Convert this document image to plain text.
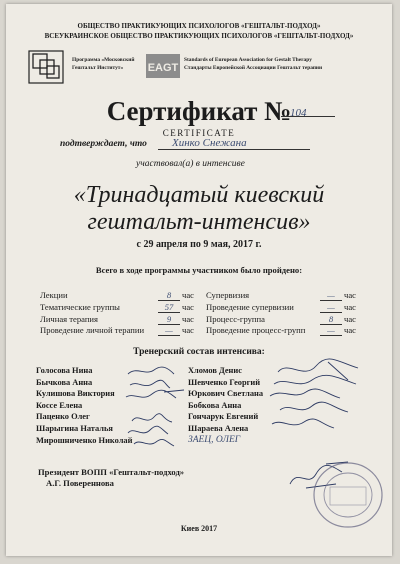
ОБЩЕСТВО ПРАКТИКУЮЩИХ ПСИХОЛОГОВ «ГЕШТАЛЬТ-ПОДХОД»
ВСЕУКРАИНСКОЕ ОБЩЕСТВО ПРАКТИКУЮЩИХ ПСИХОЛОГОВ «ГЕШТАЛЬТ-ПОДХОД»
Программа «Московский
Гештальт Институт» EAGT
Standards of European Association for Gestalt Therapy
Стандарты Европейской Ассоциации Гештальт терапии
Сертификат №
104
CERTIFICATE
подтверждает, что Хинко Снежана
участвовал(а) в интенсиве
«Тринадцатый киевский
гештальт-интенсив»
с 29 апреля по 9 мая, 2017 г.
Всего в ходе программы участником было пройдено:
Лекции	8	час
Тематические группы	57	час
Личная терапия	9	час
Проведение личной терапии	—	час
Супервизия	—	час
Проведение супервизии	—	час
Процесс-группа	8	час
Проведение процесс-групп	—	час
Тренерский состав интенсива:
Голосова Нина
Бычкова Анна
Кулишова Виктория
Коссе Елена
Паценко Олег
Шарыгина Наталья
Мирошниченко Николай
Хломов Денис
Шевченко Георгий
Юркович Светлана
Бобкова Анна
Гончарук Евгений
Шараева Алена
ЗАЕЦ, ОЛЕГ
Президент ВОПП «Гештальт-подход»
А.Г. Повереннова
Киев 2017
